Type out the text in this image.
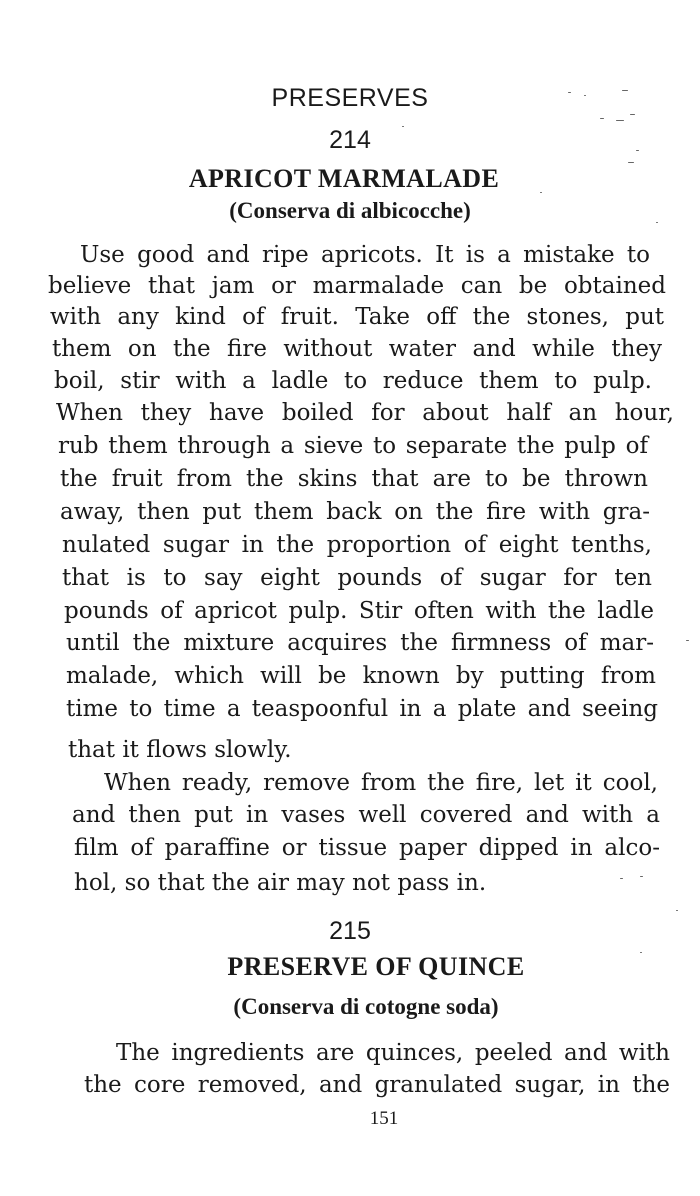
PRESERVES
214
APRICOT MARMALADE
(Conserva di albicocche)
Use good and ripe apricots. It is a mistake to
believe that jam or marmalade can be obtained
with any kind of fruit. Take off the stones, put
them on the fire without water and while they
boil, stir with a ladle to reduce them to pulp.
When they have boiled for about half an hour,
rub them through a sieve to separate the pulp of
the fruit from the skins that are to be thrown
away, then put them back on the fire with gra-
nulated sugar in the proportion of eight tenths,
that is to say eight pounds of sugar for ten
pounds of apricot pulp. Stir often with the ladle
until the mixture acquires the firmness of mar-
malade, which will be known by putting from
time to time a teaspoonful in a plate and seeing
that it flows slowly.
When ready, remove from the fire, let it cool,
and then put in vases well covered and with a
film of paraffine or tissue paper dipped in alco-
hol, so that the air may not pass in.
215
PRESERVE OF QUINCE
(Conserva di cotogne soda)
The ingredients are quinces, peeled and with
the core removed, and granulated sugar, in the
151
